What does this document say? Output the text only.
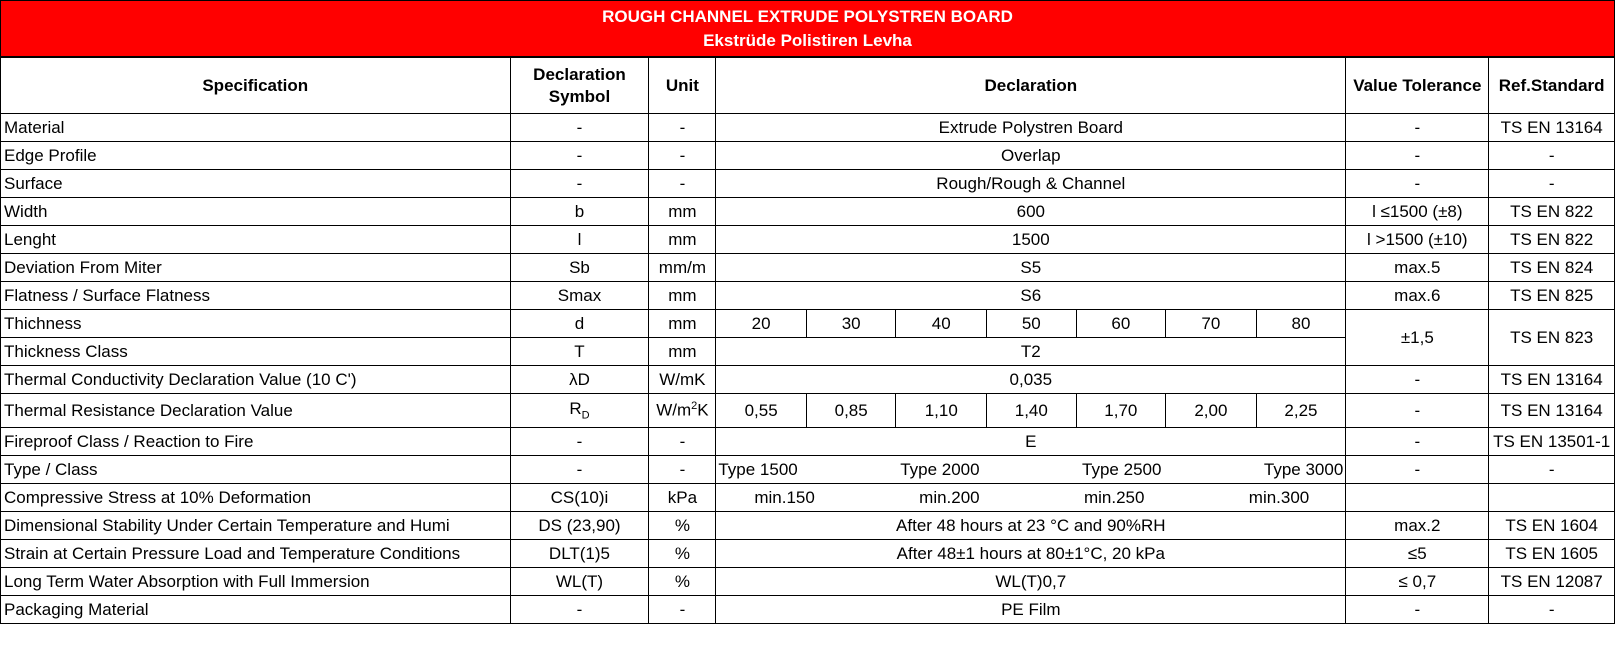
ROUGH CHANNEL EXTRUDE POLYSTREN BOARD
Ekstrüde Polistiren Levha
Specification	Declaration Symbol	Unit	Declaration							Value Tolerance	Ref.Standard
Material	-	-	Extrude Polystren Board							-	TS EN 13164
Edge Profile	-	-	Overlap							-	-
Surface	-	-	Rough/Rough & Channel							-	-
Width	b	mm	600							l ≤1500 (±8)	TS EN 822
Lenght	l	mm	1500							l >1500 (±10)	TS EN 822
Deviation From Miter	Sb	mm/m	S5							max.5	TS EN 824
Flatness / Surface Flatness	Smax	mm	S6							max.6	TS EN 825
Thichness	d	mm	20	30	40	50	60	70	80	±1,5	TS EN 823
Thickness Class	T	mm	T2								
Thermal Conductivity Declaration Value (10 C')	λD	W/mK	0,035							-	TS EN 13164
Thermal Resistance Declaration Value	$R_D$	$W/m^2K$	0,55	0,85	1,10	1,40	1,70	2,00	2,25	-	TS EN 13164
Fireproof Class / Reaction to Fire	-	-	E							-	TS EN 13501-1
Type / Class	-	-	Type 1500 Type 2000 Type 2500 Type 3000							-	-
Compressive Stress at 10% Deformation	CS(10)i	kPa	min.150 min.200 min.250 min.300								

Dimensional Stability Under Certain Temperature and Humi	DS (23,90)	%	After 48 hours at 23 °C and 90%RH							max.2	TS EN 1604
Strain at Certain Pressure Load and Temperature Conditions	DLT(1)5	%	After 48±1 hours at 80±1°C, 20 kPa							≤5	TS EN 1605
Long Term Water Absorption with Full Immersion	WL(T)	%	WL(T)0,7							≤ 0,7	TS EN 12087
Packaging Material	-	-	PE Film							-	-
